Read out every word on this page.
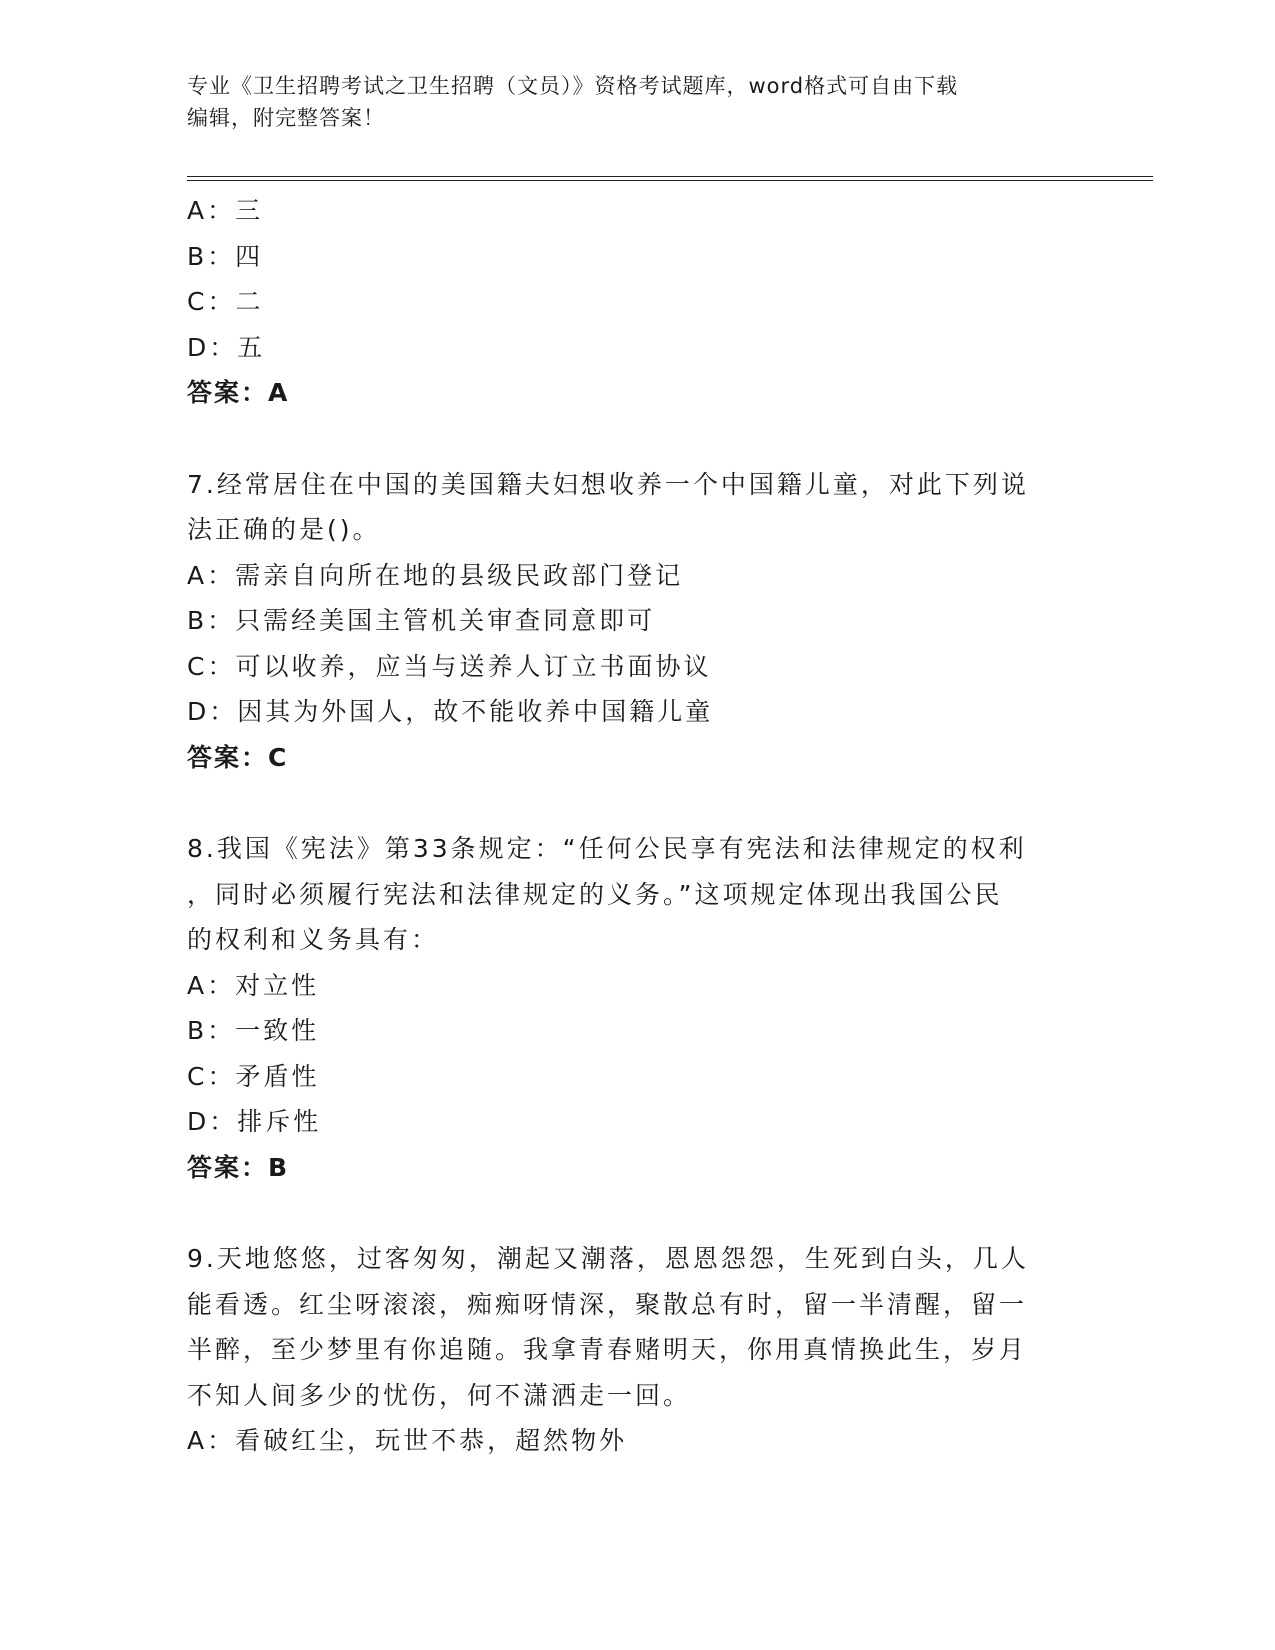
专业《卫生招聘考试之卫生招聘（文员）》资格考试题库，word格式可自由下载
编辑，附完整答案！
A：三
B：四
C：二
D：五
答案：A
7.经常居住在中国的美国籍夫妇想收养一个中国籍儿童，对此下列说
法正确的是()。
A：需亲自向所在地的县级民政部门登记
B：只需经美国主管机关审查同意即可
C：可以收养，应当与送养人订立书面协议
D：因其为外国人，故不能收养中国籍儿童
答案：C
8.我国《宪法》第33条规定：“任何公民享有宪法和法律规定的权利
，同时必须履行宪法和法律规定的义务。”这项规定体现出我国公民
的权利和义务具有：
A：对立性
B：一致性
C：矛盾性
D：排斥性
答案：B
9.天地悠悠，过客匆匆，潮起又潮落，恩恩怨怨，生死到白头，几人
能看透。红尘呀滚滚，痴痴呀情深，聚散总有时，留一半清醒，留一
半醉，至少梦里有你追随。我拿青春赌明天，你用真情换此生，岁月
不知人间多少的忧伤，何不潇洒走一回。
A：看破红尘，玩世不恭，超然物外
